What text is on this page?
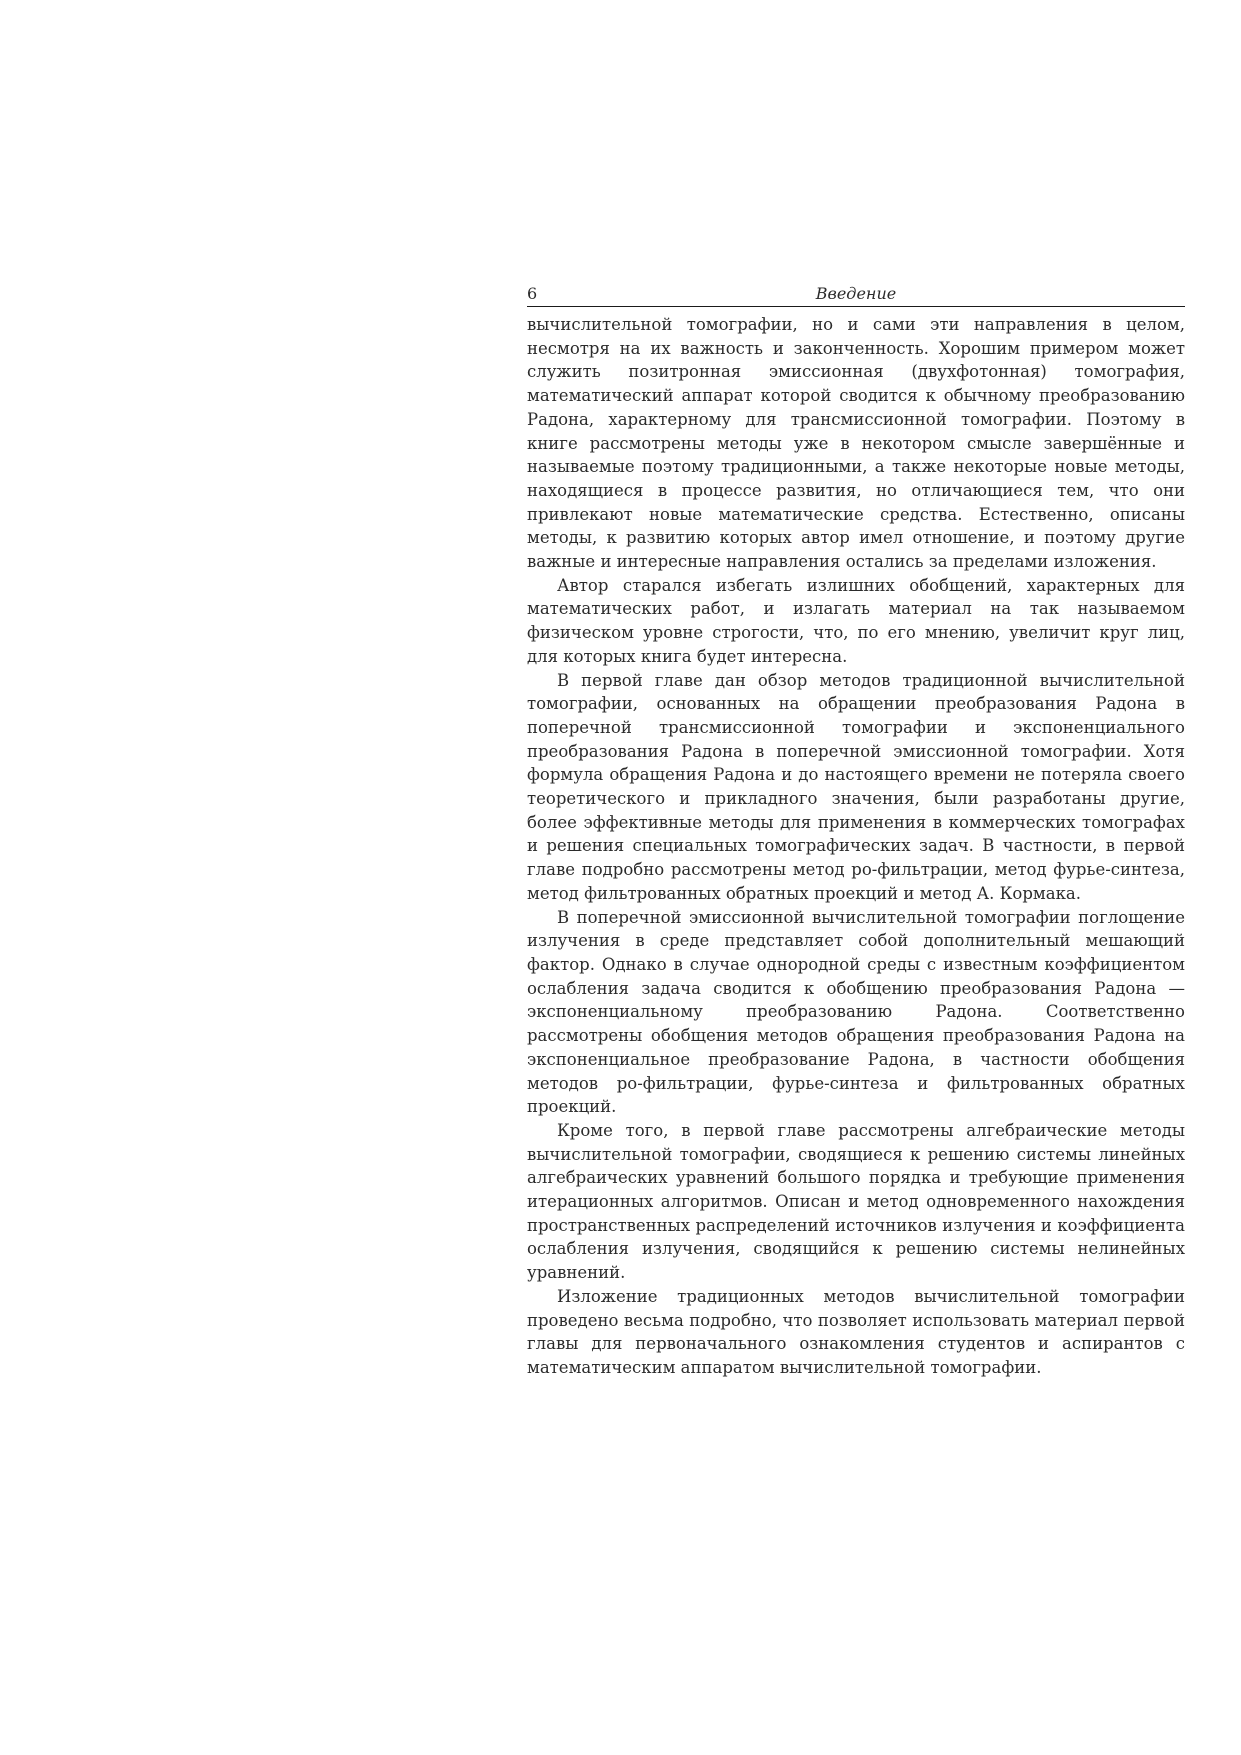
6	Введение

вычислительной томографии, но и сами эти направления в целом, несмотря на их важность и законченность. Хорошим примером может служить позитронная эмиссионная (двухфотонная) томография, математический аппарат которой сводится к обычному преобразованию Радона, характерному для трансмиссионной томографии. Поэтому в книге рассмотрены методы уже в некотором смысле завершённые и называемые поэтому традиционными, а также некоторые новые методы, находящиеся в процессе развития, но отличающиеся тем, что они привлекают новые математические средства. Естественно, описаны методы, к развитию которых автор имел отношение, и поэтому другие важные и интересные направления остались за пределами изложения.

Автор старался избегать излишних обобщений, характерных для математических работ, и излагать материал на так называемом физическом уровне строгости, что, по его мнению, увеличит круг лиц, для которых книга будет интересна.

В первой главе дан обзор методов традиционной вычислительной томографии, основанных на обращении преобразования Радона в поперечной трансмиссионной томографии и экспоненциального преобразования Радона в поперечной эмиссионной томографии. Хотя формула обращения Радона и до настоящего времени не потеряла своего теоретического и прикладного значения, были разработаны другие, более эффективные методы для применения в коммерческих томографах и решения специальных томографических задач. В частности, в первой главе подробно рассмотрены метод ро-фильтрации, метод фурье-синтеза, метод фильтрованных обратных проекций и метод А. Кормака.

В поперечной эмиссионной вычислительной томографии поглощение излучения в среде представляет собой дополнительный мешающий фактор. Однако в случае однородной среды с известным коэффициентом ослабления задача сводится к обобщению преобразования Радона — экспоненциальному преобразованию Радона. Соответственно рассмотрены обобщения методов обращения преобразования Радона на экспоненциальное преобразование Радона, в частности обобщения методов ро-фильтрации, фурье-синтеза и фильтрованных обратных проекций.

Кроме того, в первой главе рассмотрены алгебраические методы вычислительной томографии, сводящиеся к решению системы линейных алгебраических уравнений большого порядка и требующие применения итерационных алгоритмов. Описан и метод одновременного нахождения пространственных распределений источников излучения и коэффициента ослабления излучения, сводящийся к решению системы нелинейных уравнений.

Изложение традиционных методов вычислительной томографии проведено весьма подробно, что позволяет использовать материал первой главы для первоначального ознакомления студентов и аспирантов с математическим аппаратом вычислительной томографии.
